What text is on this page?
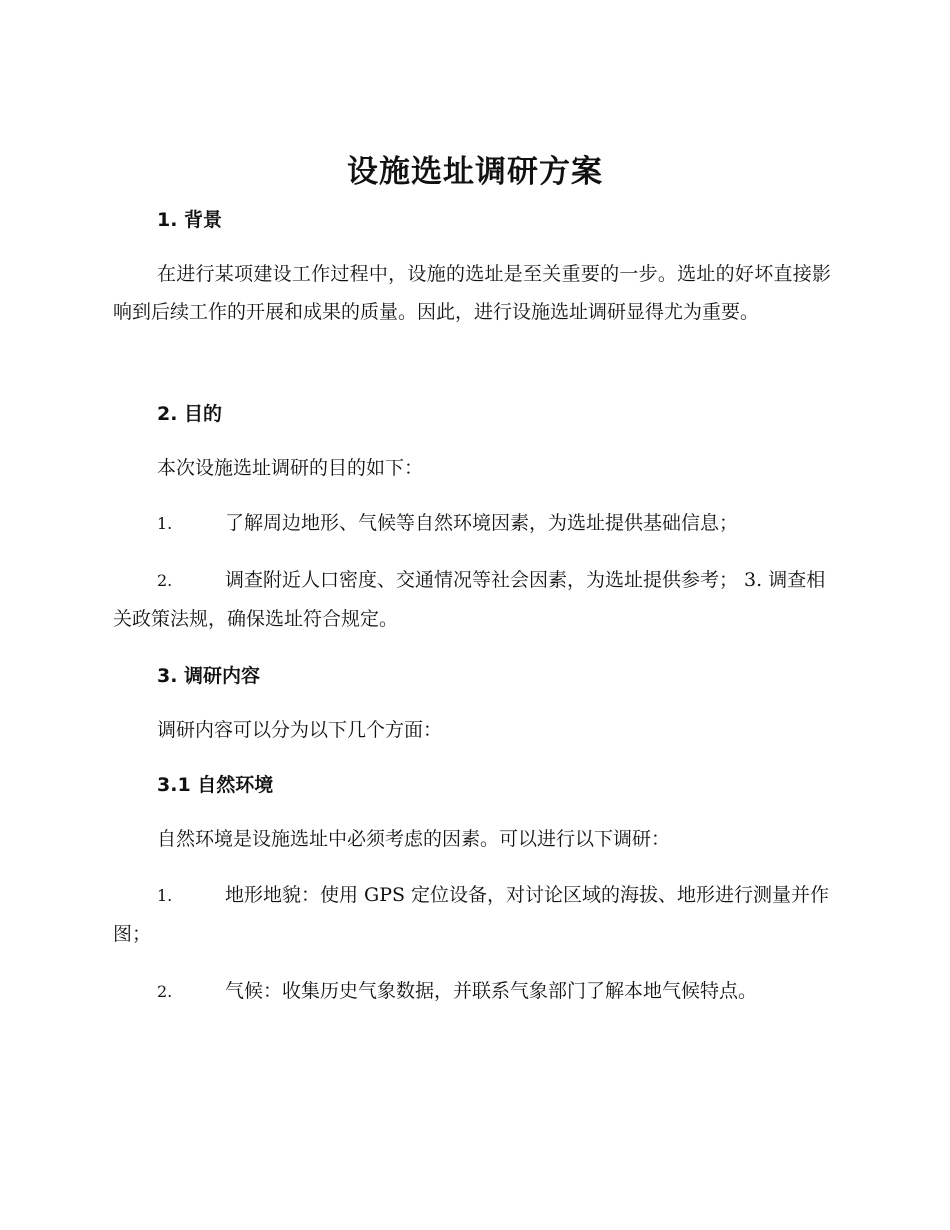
设施选址调研方案
1. 背景

在进行某项建设工作过程中，设施的选址是至关重要的一步。选址的好坏直接影响到后续工作的开展和成果的质量。因此，进行设施选址调研显得尤为重要。

2. 目的
本次设施选址调研的目的如下：

1.	了解周边地形、气候等自然环境因素，为选址提供基础信息；

2.	调查附近人口密度、交通情况等社会因素，为选址提供参考； 3. 调查相关政策法规，确保选址符合规定。

3. 调研内容
调研内容可以分为以下几个方面：
3.1 自然环境
自然环境是设施选址中必须考虑的因素。可以进行以下调研：

1.	地形地貌：使用 GPS 定位设备，对讨论区域的海拔、地形进行测量并作图；

2.	气候：收集历史气象数据，并联系气象部门了解本地气候特点。
